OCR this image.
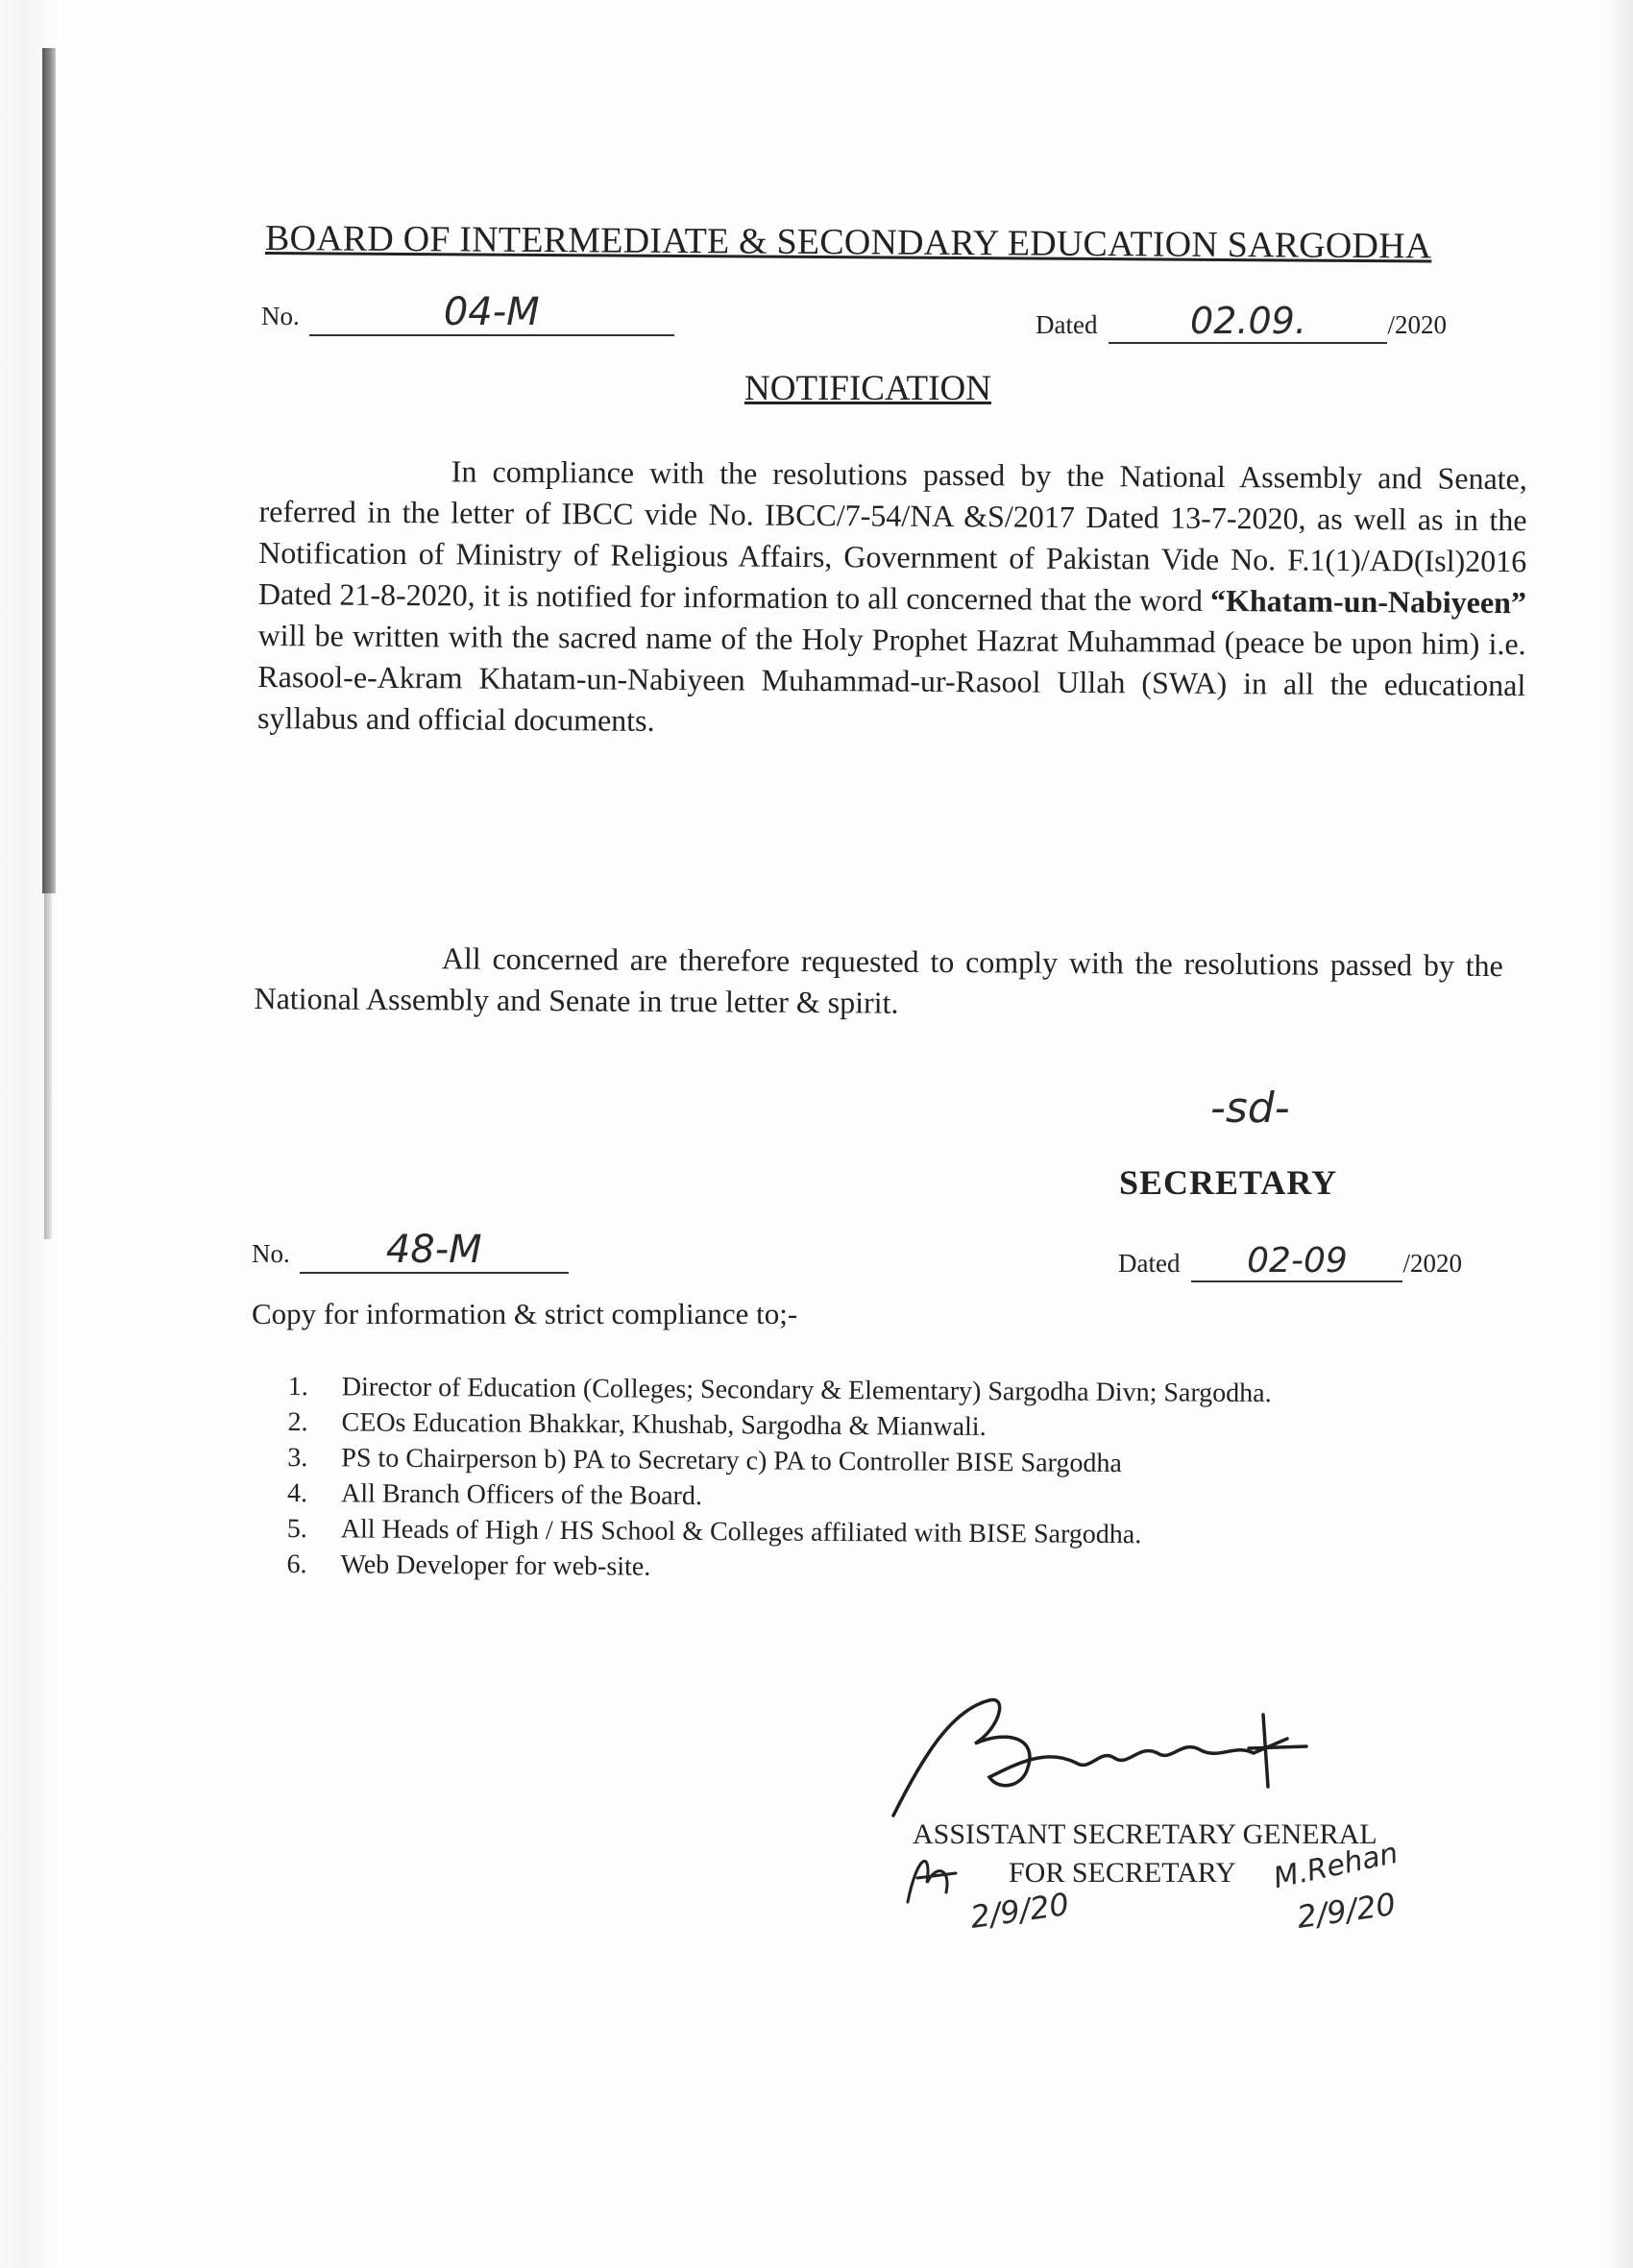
BOARD OF INTERMEDIATE & SECONDARY EDUCATION SARGODHA
No.	04-M	Dated	02.09.	/2020
NOTIFICATION

In compliance with the resolutions passed by the National Assembly and Senate, referred in the letter of IBCC vide No. IBCC/7-54/NA &S/2017 Dated 13-7-2020, as well as in the Notification of Ministry of Religious Affairs, Government of Pakistan Vide No. F.1(1)/AD(Isl)2016 Dated 21-8-2020, it is notified for information to all concerned that the word “Khatam-un-Nabiyeen” will be written with the sacred name of the Holy Prophet Hazrat Muhammad (peace be upon him) i.e. Rasool-e-Akram Khatam-un-Nabiyeen Muhammad-ur-Rasool Ullah (SWA) in all the educational syllabus and official documents.

All concerned are therefore requested to comply with the resolutions passed by the National Assembly and Senate in true letter & spirit.

-sd-
SECRETARY
No.	48-M	Dated 02-09 /2020
Copy for information & strict compliance to;-
1.	Director of Education (Colleges; Secondary & Elementary) Sargodha Divn; Sargodha.
2.	CEOs Education Bhakkar, Khushab, Sargodha & Mianwali.
3.	PS to Chairperson b) PA to Secretary c) PA to Controller BISE Sargodha
4.	All Branch Officers of the Board.
5.	All Heads of High / HS School & Colleges affiliated with BISE Sargodha.
6.	Web Developer for web-site.
ASSISTANT SECRETARY GENERAL
FOR SECRETARY
2/9/20
M.Rehan
2/9/20
